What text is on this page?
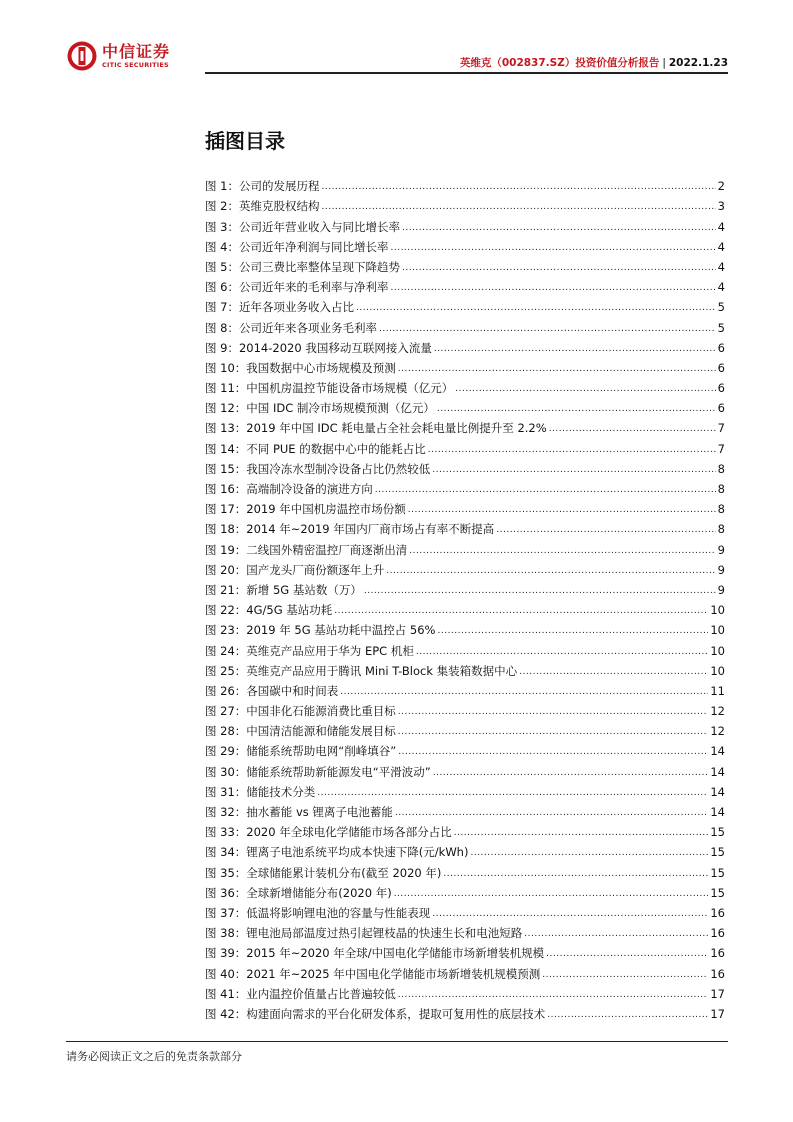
中信证券
CITIC SECURITIES	英维克（002837.SZ）投资价值分析报告 | 2022.1.23
插图目录
图 1： 公司的发展历程 .....	2
图 2： 英维克股权结构 .....	3
图 3： 公司近年营业收入与同比增长率 .....	4
图 4： 公司近年净利润与同比增长率 .....	4
图 5： 公司三费比率整体呈现下降趋势 .....	4
图 6： 公司近年来的毛利率与净利率 .....	4
图 7： 近年各项业务收入占比 .....	5
图 8： 公司近年来各项业务毛利率 .....	5
图 9： 2014-2020 我国移动互联网接入流量 .....	6
图 10： 我国数据中心市场规模及预测 .....	6
图 11： 中国机房温控节能设备市场规模（亿元） .....	6
图 12： 中国 IDC 制冷市场规模预测（亿元） .....	6
图 13： 2019 年中国 IDC 耗电量占全社会耗电量比例提升至 2.2% .....	7
图 14： 不同 PUE 的数据中心中的能耗占比 .....	7
图 15： 我国冷冻水型制冷设备占比仍然较低 .....	8
图 16： 高端制冷设备的演进方向 .....	8
图 17： 2019 年中国机房温控市场份额 .....	8
图 18： 2014 年~2019 年国内厂商市场占有率不断提高 .....	8
图 19： 二线国外精密温控厂商逐渐出清 .....	9
图 20： 国产龙头厂商份额逐年上升 .....	9
图 21： 新增 5G 基站数（万） .....	9
图 22： 4G/5G 基站功耗 .....	10
图 23： 2019 年 5G 基站功耗中温控占 56% .....	10
图 24： 英维克产品应用于华为 EPC 机柜 .....	10
图 25： 英维克产品应用于腾讯 Mini T-Block 集装箱数据中心 .....	10
图 26： 各国碳中和时间表 .....	11
图 27： 中国非化石能源消费比重目标 .....	12
图 28： 中国清洁能源和储能发展目标 .....	12
图 29： 储能系统帮助电网“削峰填谷” .....	14
图 30： 储能系统帮助新能源发电“平滑波动” .....	14
图 31： 储能技术分类 .....	14
图 32： 抽水蓄能 vs 锂离子电池蓄能 .....	14
图 33： 2020 年全球电化学储能市场各部分占比 .....	15
图 34： 锂离子电池系统平均成本快速下降(元/kWh) .....	15
图 35： 全球储能累计装机分布(截至 2020 年) .....	15
图 36： 全球新增储能分布(2020 年) .....	15
图 37： 低温将影响锂电池的容量与性能表现 .....	16
图 38： 锂电池局部温度过热引起锂枝晶的快速生长和电池短路 .....	16
图 39： 2015 年~2020 年全球/中国电化学储能市场新增装机规模 .....	16
图 40： 2021 年~2025 年中国电化学储能市场新增装机规模预测 .....	16
图 41： 业内温控价值量占比普遍较低 .....	17
图 42： 构建面向需求的平台化研发体系，提取可复用性的底层技术 .....	17
请务必阅读正文之后的免责条款部分
